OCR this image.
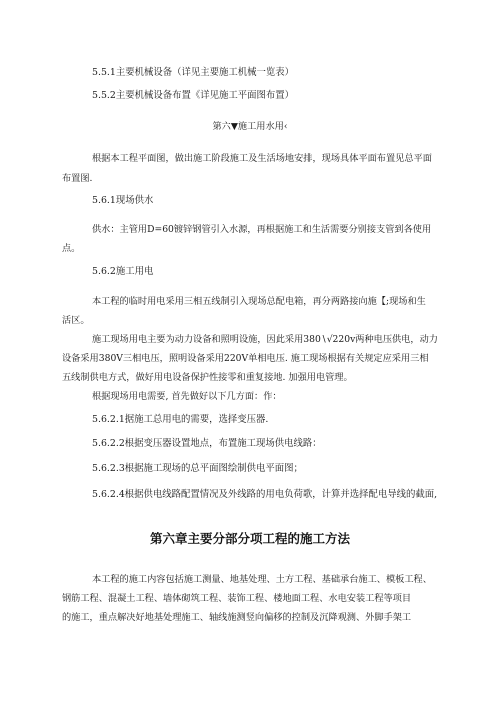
5.5.1主要机械设备（详见主要施工机械一览表）
5.5.2主要机械设备布置《详见施工平面图布置）
第六▼施工用水用‹
根据本工程平面图，做出施工阶段施工及生活场地安排，现场具体平面布置见总平面
布置图.
5.6.1现场供水
供水：主管用D=60镀锌钢管引入水源，再根据施工和生活需要分别接支管到各使用
点。
5.6.2施工用电
本工程的临时用电采用三相五线制引入现场总配电箱，再分两路接向施【;现场和生
活区。
施工现场用电主要为动力设备和照明设施，因此采用380∖√220v两种电压供电，动力
设备采用380V三相电压，照明设备采用220V单相电压. 施工现场根据有关规定应采用三相
五线制供电方式，做好用电设备保护性接零和重复接地. 加强用电管理。
根据现场用电需要, 首先做好以下几方面：作：
5.6.2.1据施工总用电的需要，选择变压器.
5.6.2.2根据变压器设置地点，布置施工现场供电线路：
5.6.2.3根据施工现场的总平面图绘制供电平面图；
5.6.2.4根据供电线路配置情况及外线路的用电负荷歌，计算并选择配电导线的截面,
第六章主要分部分项工程的施工方法
本工程的施工内容包括施工测量、地基处理、土方工程、基础承台施工、模板工程、
钢筋工程、混凝土工程、墙体砌筑工程、装饰工程、楼地面工程、水电安装工程等项目
的施工，重点解决好地基处理施工、轴线施测竖向偏移的控制及沉降观测、外脚手架工
